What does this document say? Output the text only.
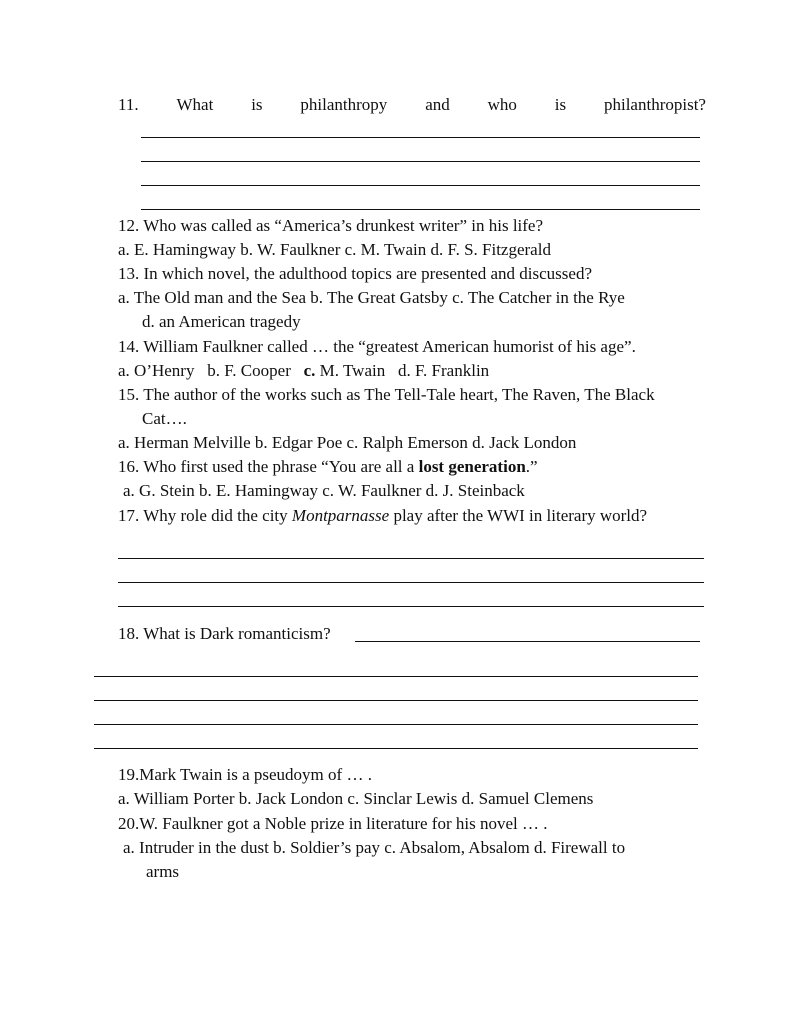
11. What is philanthropy and who is philanthropist?
12. Who was called as “America’s drunkest writer” in his life?
a. E. Hamingway b. W. Faulkner c. M. Twain d. F. S. Fitzgerald
13. In which novel, the adulthood topics are presented and discussed?
a. The Old man and the Sea b. The Great Gatsby c. The Catcher in the Rye
d. an American tragedy
14. William Faulkner called … the “greatest American humorist of his age”.
a. O’Henry b. F. Cooper c. M. Twain d. F. Franklin
15. The author of the works such as The Tell-Tale heart, The Raven, The Black
Cat….
a. Herman Melville b. Edgar Poe c. Ralph Emerson d. Jack London
16. Who first used the phrase “You are all a lost generation.”
a. G. Stein b. E. Hamingway c. W. Faulkner d. J. Steinback
17. Why role did the city Montparnasse play after the WWI in literary world?
18. What is Dark romanticism?
19.Mark Twain is a pseudoym of … .
a. William Porter b. Jack London c. Sinclar Lewis d. Samuel Clemens
20.W. Faulkner got a Noble prize in literature for his novel … .
a. Intruder in the dust b. Soldier’s pay c. Absalom, Absalom d. Firewall to
arms
